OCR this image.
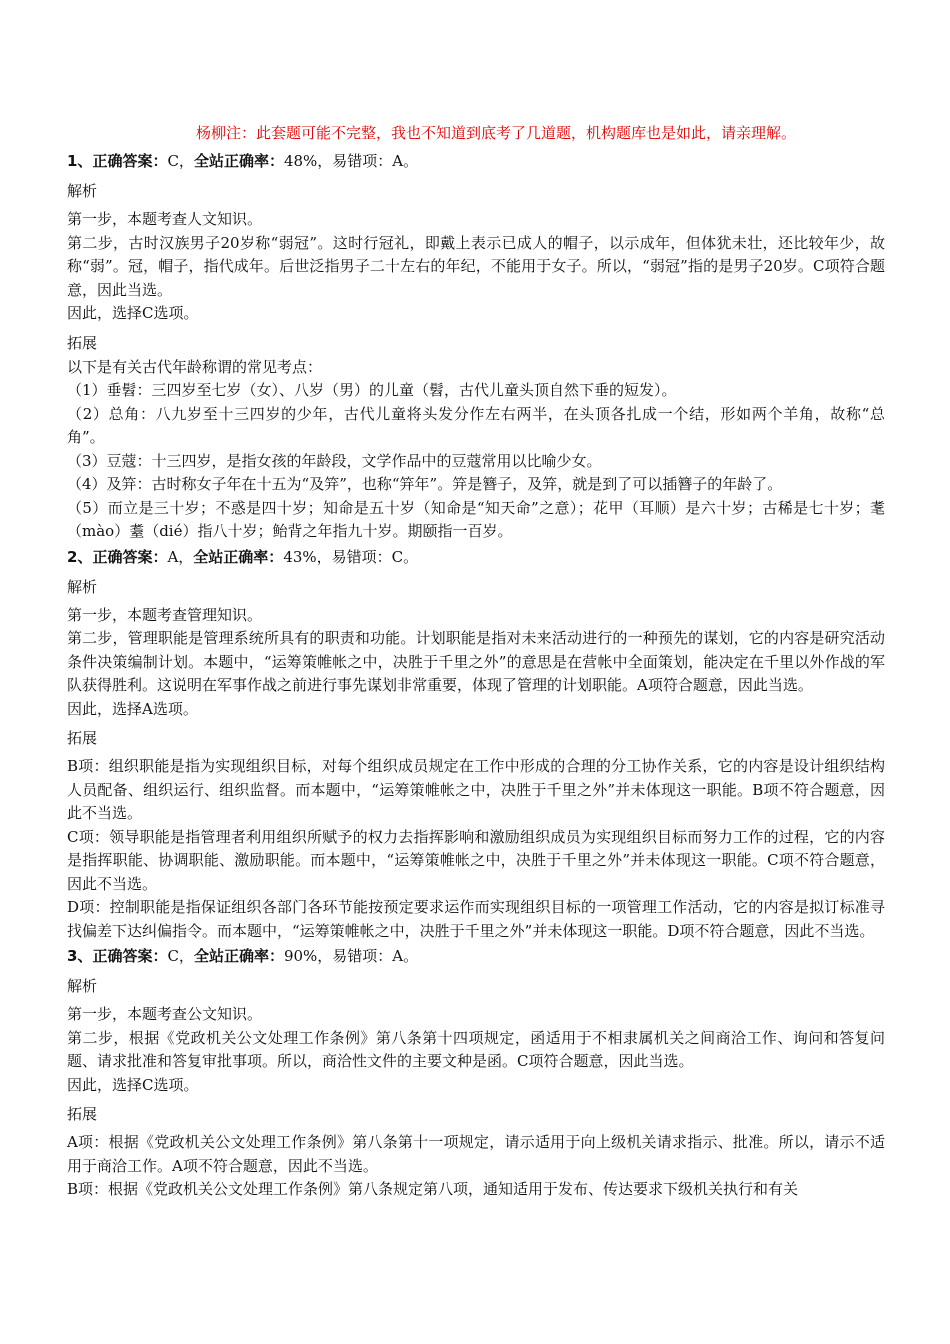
杨柳注：此套题可能不完整，我也不知道到底考了几道题，机构题库也是如此，请亲理解。
1、正确答案：C，全站正确率：48%，易错项：A。
解析

第一步，本题考查人文知识。

第二步，古时汉族男子20岁称“弱冠”。这时行冠礼，即戴上表示已成人的帽子，以示成年，但体犹未壮，还比较年少，故称“弱”。冠，帽子，指代成年。后世泛指男子二十左右的年纪，不能用于女子。所以，“弱冠”指的是男子20岁。C项符合题意，因此当选。

因此，选择C选项。

拓展

以下是有关古代年龄称谓的常见考点：

（1）垂髫：三四岁至七岁（女）、八岁（男）的儿童（髫，古代儿童头顶自然下垂的短发）。

（2）总角：八九岁至十三四岁的少年，古代儿童将头发分作左右两半，在头顶各扎成一个结，形如两个羊角，故称“总角”。

（3）豆蔻：十三四岁，是指女孩的年龄段，文学作品中的豆蔻常用以比喻少女。

（4）及笄：古时称女子年在十五为“及笄”，也称“笄年”。笄是簪子，及笄，就是到了可以插簪子的年龄了。

（5）而立是三十岁；不惑是四十岁；知命是五十岁（知命是“知天命”之意）；花甲（耳顺）是六十岁；古稀是七十岁；耄（mào）耋（dié）指八十岁；鲐背之年指九十岁。期颐指一百岁。

2、正确答案：A，全站正确率：43%，易错项：C。
解析

第一步，本题考查管理知识。

第二步，管理职能是管理系统所具有的职责和功能。计划职能是指对未来活动进行的一种预先的谋划，它的内容是研究活动条件决策编制计划。本题中，“运筹策帷帐之中，决胜于千里之外”的意思是在营帐中全面策划，能决定在千里以外作战的军队获得胜利。这说明在军事作战之前进行事先谋划非常重要，体现了管理的计划职能。A项符合题意，因此当选。

因此，选择A选项。

拓展

B项：组织职能是指为实现组织目标，对每个组织成员规定在工作中形成的合理的分工协作关系，它的内容是设计组织结构人员配备、组织运行、组织监督。而本题中，“运筹策帷帐之中，决胜于千里之外”并未体现这一职能。B项不符合题意，因此不当选。

C项：领导职能是指管理者利用组织所赋予的权力去指挥影响和激励组织成员为实现组织目标而努力工作的过程，它的内容是指挥职能、协调职能、激励职能。而本题中，“运筹策帷帐之中，决胜于千里之外”并未体现这一职能。C项不符合题意，因此不当选。

D项：控制职能是指保证组织各部门各环节能按预定要求运作而实现组织目标的一项管理工作活动，它的内容是拟订标准寻找偏差下达纠偏指令。而本题中，“运筹策帷帐之中，决胜于千里之外”并未体现这一职能。D项不符合题意，因此不当选。

3、正确答案：C，全站正确率：90%，易错项：A。
解析

第一步，本题考查公文知识。

第二步，根据《党政机关公文处理工作条例》第八条第十四项规定，函适用于不相隶属机关之间商洽工作、询问和答复问题、请求批准和答复审批事项。所以，商洽性文件的主要文种是函。C项符合题意，因此当选。

因此，选择C选项。

拓展

A项：根据《党政机关公文处理工作条例》第八条第十一项规定，请示适用于向上级机关请求指示、批准。所以，请示不适用于商洽工作。A项不符合题意，因此不当选。

B项：根据《党政机关公文处理工作条例》第八条规定第八项，通知适用于发布、传达要求下级机关执行和有关
